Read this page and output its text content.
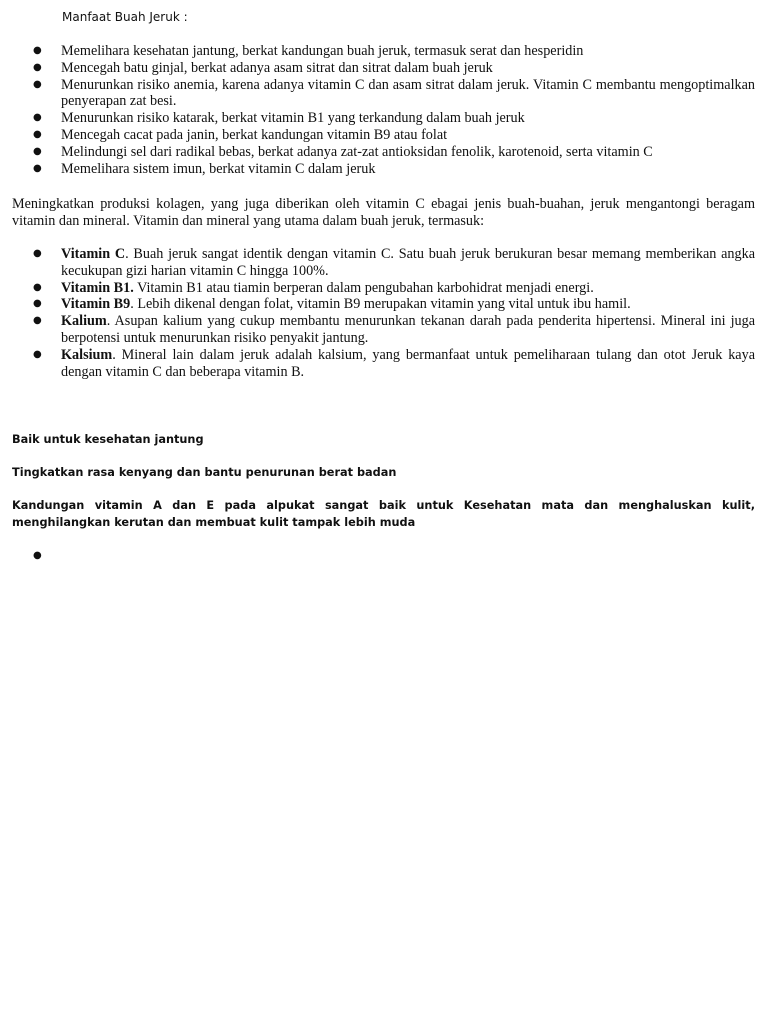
Manfaat Buah Jeruk :
● Memelihara kesehatan jantung, berkat kandungan buah jeruk, termasuk serat dan hesperidin
● Mencegah batu ginjal, berkat adanya asam sitrat dan sitrat dalam buah jeruk
● Menurunkan risiko anemia, karena adanya vitamin C dan asam sitrat dalam jeruk. Vitamin C membantu mengoptimalkan penyerapan zat besi.
● Menurunkan risiko katarak, berkat vitamin B1 yang terkandung dalam buah jeruk
● Mencegah cacat pada janin, berkat kandungan vitamin B9 atau folat
● Melindungi sel dari radikal bebas, berkat adanya zat-zat antioksidan fenolik, karotenoid, serta vitamin C
● Memelihara sistem imun, berkat vitamin C dalam jeruk

Meningkatkan produksi kolagen, yang juga diberikan oleh vitamin C ebagai jenis buah-buahan, jeruk mengantongi beragam vitamin dan mineral. Vitamin dan mineral yang utama dalam buah jeruk, termasuk:

● Vitamin C. Buah jeruk sangat identik dengan vitamin C. Satu buah jeruk berukuran besar memang memberikan angka kecukupan gizi harian vitamin C hingga 100%.
● Vitamin B1. Vitamin B1 atau tiamin berperan dalam pengubahan karbohidrat menjadi energi.
● Vitamin B9. Lebih dikenal dengan folat, vitamin B9 merupakan vitamin yang vital untuk ibu hamil.
● Kalium. Asupan kalium yang cukup membantu menurunkan tekanan darah pada penderita hipertensi. Mineral ini juga berpotensi untuk menurunkan risiko penyakit jantung.
● Kalsium. Mineral lain dalam jeruk adalah kalsium, yang bermanfaat untuk pemeliharaan tulang dan otot Jeruk kaya dengan vitamin C dan beberapa vitamin B.

Baik untuk kesehatan jantung

Tingkatkan rasa kenyang dan bantu penurunan berat badan

Kandungan vitamin A dan E pada alpukat sangat baik untuk Kesehatan mata dan menghaluskan kulit, menghilangkan kerutan dan membuat kulit tampak lebih muda

●
